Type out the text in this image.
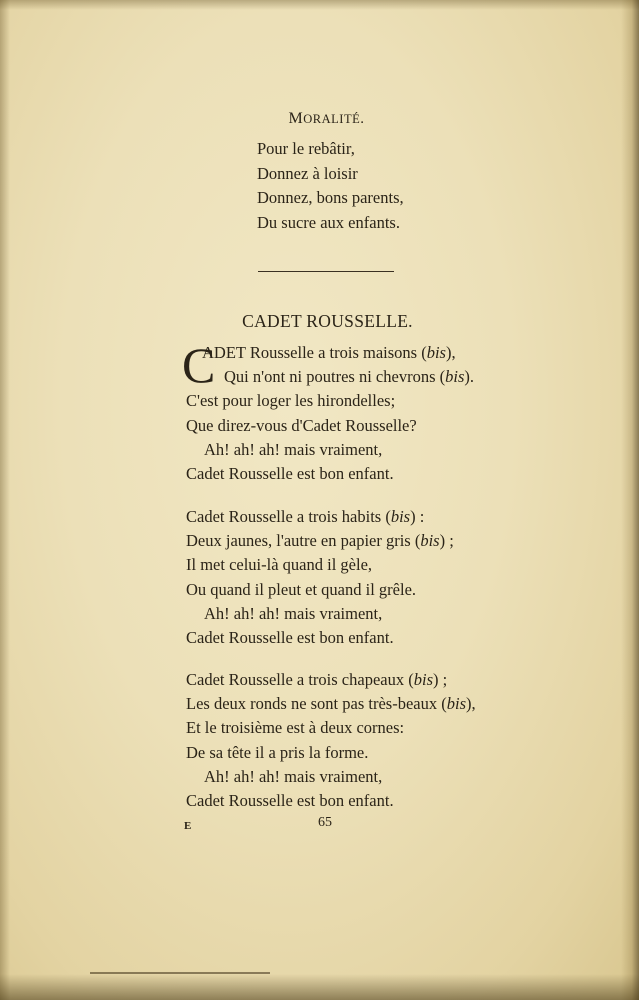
MORALITÉ.
Pour le rebâtir,
Donnez à loisir
Donnez, bons parents,
Du sucre aux enfants.
CADET ROUSSELLE.
C
ADET Rousselle a trois maisons (bis),
Qui n'ont ni poutres ni chevrons (bis).
C'est pour loger les hirondelles;
Que direz-vous d'Cadet Rousselle?
Ah! ah! ah! mais vraiment,
Cadet Rousselle est bon enfant.
Cadet Rousselle a trois habits (bis) :
Deux jaunes, l'autre en papier gris (bis) ;
Il met celui-là quand il gèle,
Ou quand il pleut et quand il grêle.
Ah! ah! ah! mais vraiment,
Cadet Rousselle est bon enfant.
Cadet Rousselle a trois chapeaux (bis) ;
Les deux ronds ne sont pas très-beaux (bis),
Et le troisième est à deux cornes:
De sa tête il a pris la forme.
Ah! ah! ah! mais vraiment,
Cadet Rousselle est bon enfant.
E	65
